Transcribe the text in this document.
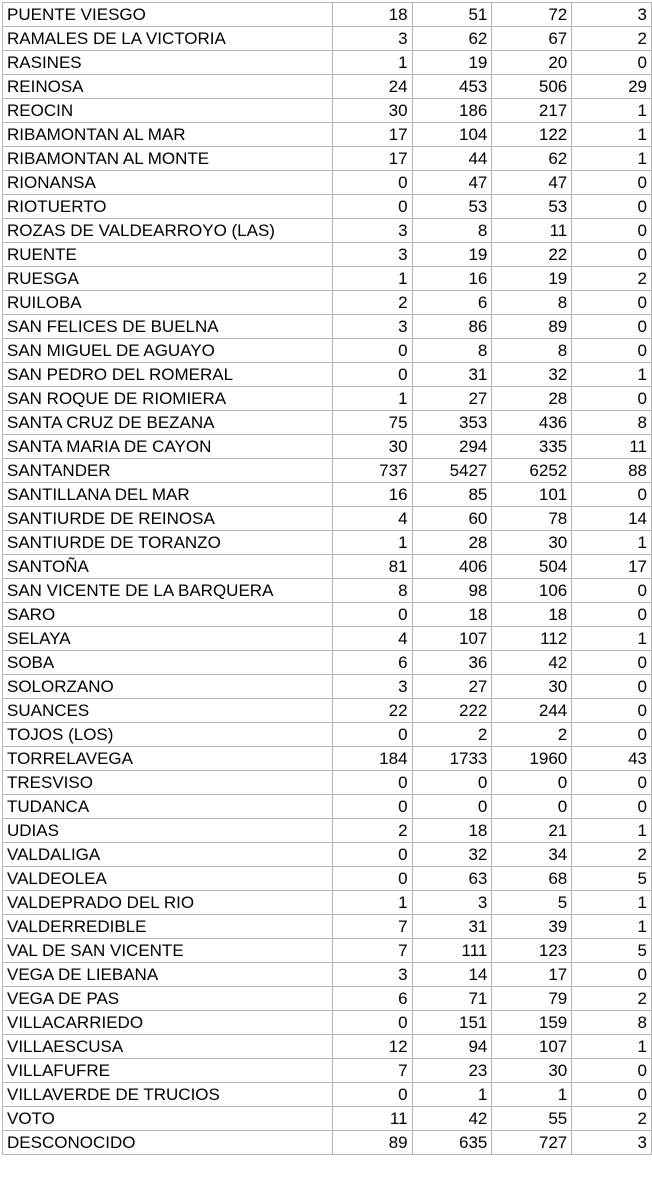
PUENTE VIESGO	18	51	72	3
RAMALES DE LA VICTORIA	3	62	67	2
RASINES	1	19	20	0
REINOSA	24	453	506	29
REOCIN	30	186	217	1
RIBAMONTAN AL MAR	17	104	122	1
RIBAMONTAN AL MONTE	17	44	62	1
RIONANSA	0	47	47	0
RIOTUERTO	0	53	53	0
ROZAS DE VALDEARROYO (LAS)	3	8	11	0
RUENTE	3	19	22	0
RUESGA	1	16	19	2
RUILOBA	2	6	8	0
SAN FELICES DE BUELNA	3	86	89	0
SAN MIGUEL DE AGUAYO	0	8	8	0
SAN PEDRO DEL ROMERAL	0	31	32	1
SAN ROQUE DE RIOMIERA	1	27	28	0
SANTA CRUZ DE BEZANA	75	353	436	8
SANTA MARIA DE CAYON	30	294	335	11
SANTANDER	737	5427	6252	88
SANTILLANA DEL MAR	16	85	101	0
SANTIURDE DE REINOSA	4	60	78	14
SANTIURDE DE TORANZO	1	28	30	1
SANTOÑA	81	406	504	17
SAN VICENTE DE LA BARQUERA	8	98	106	0
SARO	0	18	18	0
SELAYA	4	107	112	1
SOBA	6	36	42	0
SOLORZANO	3	27	30	0
SUANCES	22	222	244	0
TOJOS (LOS)	0	2	2	0
TORRELAVEGA	184	1733	1960	43
TRESVISO	0	0	0	0
TUDANCA	0	0	0	0
UDIAS	2	18	21	1
VALDALIGA	0	32	34	2
VALDEOLEA	0	63	68	5
VALDEPRADO DEL RIO	1	3	5	1
VALDERREDIBLE	7	31	39	1
VAL DE SAN VICENTE	7	111	123	5
VEGA DE LIEBANA	3	14	17	0
VEGA DE PAS	6	71	79	2
VILLACARRIEDO	0	151	159	8
VILLAESCUSA	12	94	107	1
VILLAFUFRE	7	23	30	0
VILLAVERDE DE TRUCIOS	0	1	1	0
VOTO	11	42	55	2
DESCONOCIDO	89	635	727	3
